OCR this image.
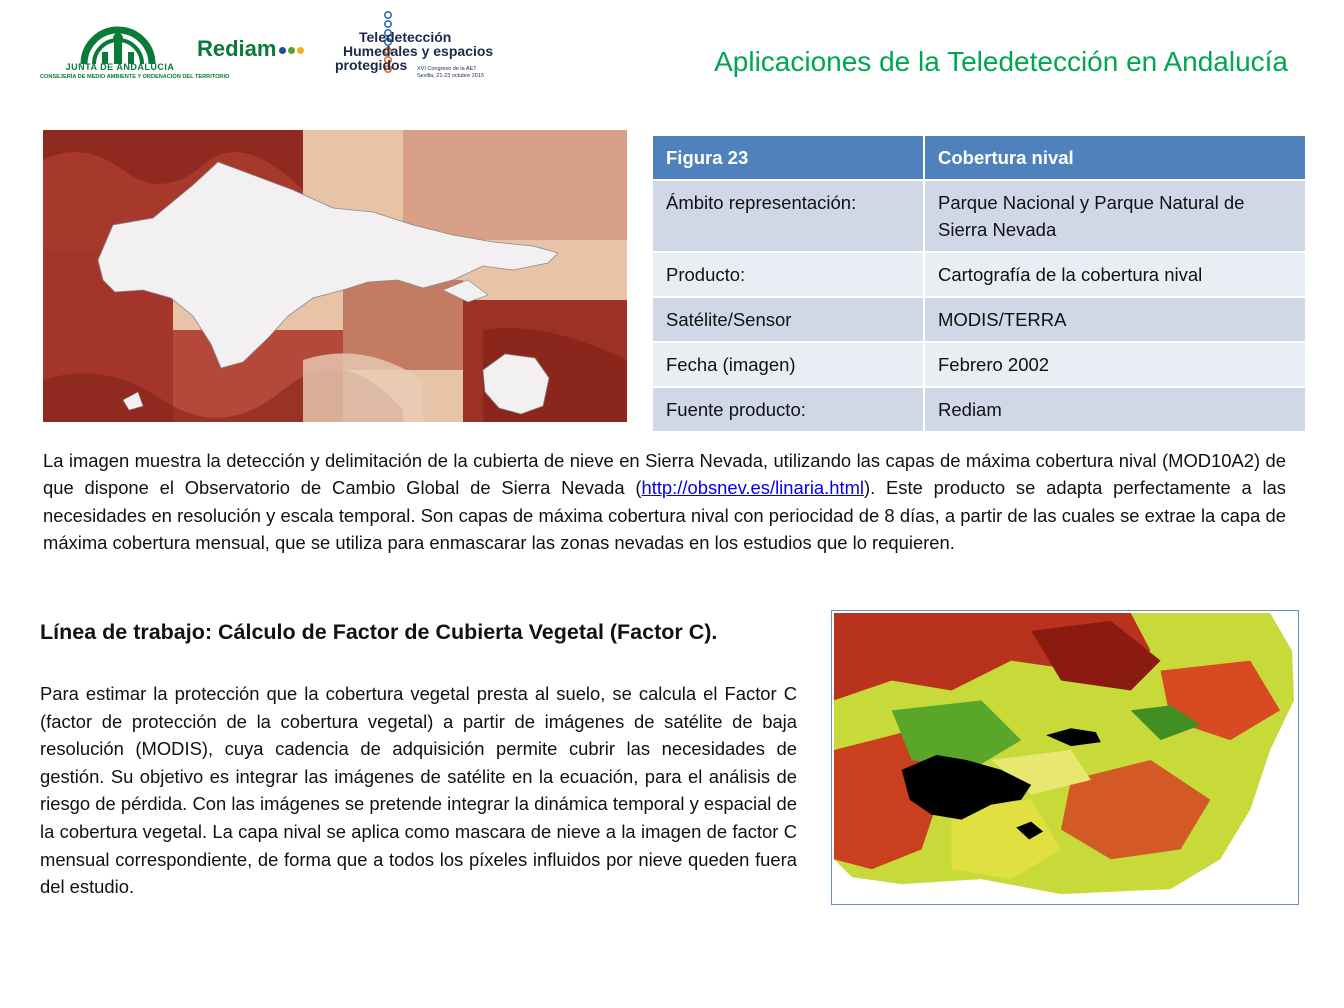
JUNTA DE ANDALUCIA
CONSEJERÍA DE MEDIO AMBIENTE Y ORDENACIÓN DEL TERRITORIO
Rediam	Teledetección
Humedales y espacios
protegidos XVI Congreso de la AET
Sevilla, 21-23 octubre 2015	Aplicaciones de la Teledetección en Andalucía
Figura 23	Cobertura nival
Ámbito representación:	Parque Nacional y Parque Natural de Sierra Nevada
Producto:	Cartografía de la cobertura nival
Satélite/Sensor	MODIS/TERRA
Fecha (imagen)	Febrero 2002
Fuente producto:	Rediam
La imagen muestra la detección y delimitación de la cubierta de nieve en Sierra Nevada, utilizando las capas de máxima cobertura nival (MOD10A2) de que dispone el Observatorio de Cambio Global de Sierra Nevada (http://obsnev.es/linaria.html). Este producto se adapta perfectamente a las necesidades en resolución y escala temporal. Son capas de máxima cobertura nival con periocidad de 8 días, a partir de las cuales se extrae la capa de máxima cobertura mensual, que se utiliza para enmascarar las zonas nevadas en los estudios que lo requieren.
Línea de trabajo: Cálculo de Factor de Cubierta Vegetal (Factor C).
Para estimar la protección que la cobertura vegetal presta al suelo, se calcula el Factor C (factor de protección de la cobertura vegetal) a partir de imágenes de satélite de baja resolución (MODIS), cuya cadencia de adquisición permite cubrir las necesidades de gestión. Su objetivo es integrar las imágenes de satélite en la ecuación, para el análisis de riesgo de pérdida. Con las imágenes se pretende integrar la dinámica temporal y espacial de la cobertura vegetal. La capa nival se aplica como mascara de nieve a la imagen de factor C mensual correspondiente, de forma que a todos los píxeles influidos por nieve queden fuera del estudio.
